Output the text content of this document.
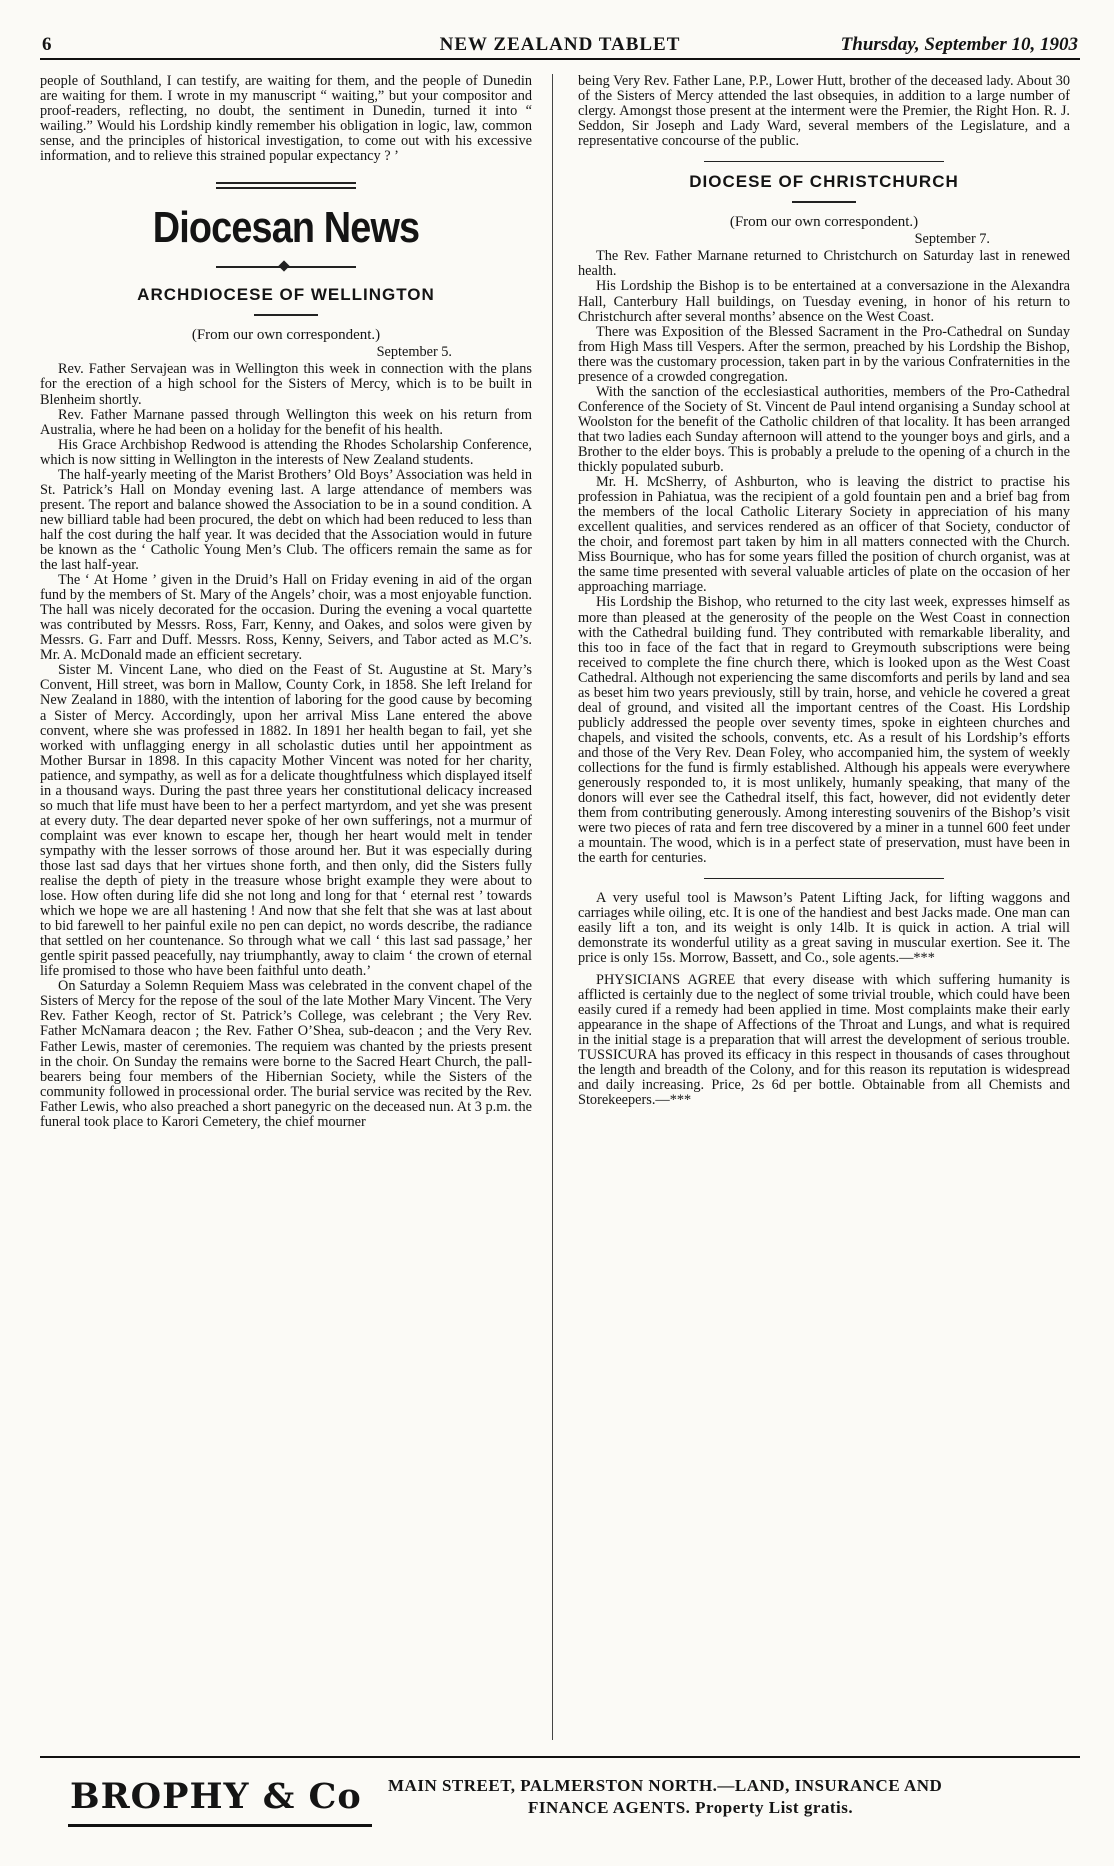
6	NEW ZEALAND TABLET	Thursday, September 10, 1903

people of Southland, I can testify, are waiting for them, and the people of Dunedin are waiting for them. I wrote in my manuscript “ waiting,” but your compositor and proof-readers, reflecting, no doubt, the sentiment in Dunedin, turned it into “ wailing.” Would his Lordship kindly remember his obligation in logic, law, common sense, and the principles of historical investigation, to come out with his excessive information, and to relieve this strained popular expectancy ? ’

Diocesan News
ARCHDIOCESE OF WELLINGTON
(From our own correspondent.)
September 5.

Rev. Father Servajean was in Wellington this week in connection with the plans for the erection of a high school for the Sisters of Mercy, which is to be built in Blenheim shortly.

Rev. Father Marnane passed through Wellington this week on his return from Australia, where he had been on a holiday for the benefit of his health.

His Grace Archbishop Redwood is attending the Rhodes Scholarship Conference, which is now sitting in Wellington in the interests of New Zealand students.

The half-yearly meeting of the Marist Brothers’ Old Boys’ Association was held in St. Patrick’s Hall on Monday evening last. A large attendance of members was present. The report and balance showed the Association to be in a sound condition. A new billiard table had been procured, the debt on which had been reduced to less than half the cost during the half year. It was decided that the Association would in future be known as the ‘ Catholic Young Men’s Club. The officers remain the same as for the last half-year.

The ‘ At Home ’ given in the Druid’s Hall on Friday evening in aid of the organ fund by the members of St. Mary of the Angels’ choir, was a most enjoyable function. The hall was nicely decorated for the occasion. During the evening a vocal quartette was contributed by Messrs. Ross, Farr, Kenny, and Oakes, and solos were given by Messrs. G. Farr and Duff. Messrs. Ross, Kenny, Seivers, and Tabor acted as M.C’s. Mr. A. McDonald made an efficient secretary.

Sister M. Vincent Lane, who died on the Feast of St. Augustine at St. Mary’s Convent, Hill street, was born in Mallow, County Cork, in 1858. She left Ireland for New Zealand in 1880, with the intention of laboring for the good cause by becoming a Sister of Mercy. Accordingly, upon her arrival Miss Lane entered the above convent, where she was professed in 1882. In 1891 her health began to fail, yet she worked with unflagging energy in all scholastic duties until her appointment as Mother Bursar in 1898. In this capacity Mother Vincent was noted for her charity, patience, and sympathy, as well as for a delicate thoughtfulness which displayed itself in a thousand ways. During the past three years her constitutional delicacy increased so much that life must have been to her a perfect martyrdom, and yet she was present at every duty. The dear departed never spoke of her own sufferings, not a murmur of complaint was ever known to escape her, though her heart would melt in tender sympathy with the lesser sorrows of those around her. But it was especially during those last sad days that her virtues shone forth, and then only, did the Sisters fully realise the depth of piety in the treasure whose bright example they were about to lose. How often during life did she not long and long for that ‘ eternal rest ’ towards which we hope we are all hastening ! And now that she felt that she was at last about to bid farewell to her painful exile no pen can depict, no words describe, the radiance that settled on her countenance. So through what we call ‘ this last sad passage,’ her gentle spirit passed peacefully, nay triumphantly, away to claim ‘ the crown of eternal life promised to those who have been faithful unto death.’

On Saturday a Solemn Requiem Mass was celebrated in the convent chapel of the Sisters of Mercy for the repose of the soul of the late Mother Mary Vincent. The Very Rev. Father Keogh, rector of St. Patrick’s College, was celebrant ; the Very Rev. Father McNamara deacon ; the Rev. Father O’Shea, sub-deacon ; and the Very Rev. Father Lewis, master of ceremonies. The requiem was chanted by the priests present in the choir. On Sunday the remains were borne to the Sacred Heart Church, the pall-bearers being four members of the Hibernian Society, while the Sisters of the community followed in processional order. The burial service was recited by the Rev. Father Lewis, who also preached a short panegyric on the deceased nun. At 3 p.m. the funeral took place to Karori Cemetery, the chief mourner

being Very Rev. Father Lane, P.P., Lower Hutt, brother of the deceased lady. About 30 of the Sisters of Mercy attended the last obsequies, in addition to a large number of clergy. Amongst those present at the interment were the Premier, the Right Hon. R. J. Seddon, Sir Joseph and Lady Ward, several members of the Legislature, and a representative concourse of the public.

DIOCESE OF CHRISTCHURCH
(From our own correspondent.)
September 7.

The Rev. Father Marnane returned to Christchurch on Saturday last in renewed health.

His Lordship the Bishop is to be entertained at a conversazione in the Alexandra Hall, Canterbury Hall buildings, on Tuesday evening, in honor of his return to Christchurch after several months’ absence on the West Coast.

There was Exposition of the Blessed Sacrament in the Pro-Cathedral on Sunday from High Mass till Vespers. After the sermon, preached by his Lordship the Bishop, there was the customary procession, taken part in by the various Confraternities in the presence of a crowded congregation.

With the sanction of the ecclesiastical authorities, members of the Pro-Cathedral Conference of the Society of St. Vincent de Paul intend organising a Sunday school at Woolston for the benefit of the Catholic children of that locality. It has been arranged that two ladies each Sunday afternoon will attend to the younger boys and girls, and a Brother to the elder boys. This is probably a prelude to the opening of a church in the thickly populated suburb.

Mr. H. McSherry, of Ashburton, who is leaving the district to practise his profession in Pahiatua, was the recipient of a gold fountain pen and a brief bag from the members of the local Catholic Literary Society in appreciation of his many excellent qualities, and services rendered as an officer of that Society, conductor of the choir, and foremost part taken by him in all matters connected with the Church. Miss Bournique, who has for some years filled the position of church organist, was at the same time presented with several valuable articles of plate on the occasion of her approaching marriage.

His Lordship the Bishop, who returned to the city last week, expresses himself as more than pleased at the generosity of the people on the West Coast in connection with the Cathedral building fund. They contributed with remarkable liberality, and this too in face of the fact that in regard to Greymouth subscriptions were being received to complete the fine church there, which is looked upon as the West Coast Cathedral. Although not experiencing the same discomforts and perils by land and sea as beset him two years previously, still by train, horse, and vehicle he covered a great deal of ground, and visited all the important centres of the Coast. His Lordship publicly addressed the people over seventy times, spoke in eighteen churches and chapels, and visited the schools, convents, etc. As a result of his Lordship’s efforts and those of the Very Rev. Dean Foley, who accompanied him, the system of weekly collections for the fund is firmly established. Although his appeals were everywhere generously responded to, it is most unlikely, humanly speaking, that many of the donors will ever see the Cathedral itself, this fact, however, did not evidently deter them from contributing generously. Among interesting souvenirs of the Bishop’s visit were two pieces of rata and fern tree discovered by a miner in a tunnel 600 feet under a mountain. The wood, which is in a perfect state of preservation, must have been in the earth for centuries.

A very useful tool is Mawson’s Patent Lifting Jack, for lifting waggons and carriages while oiling, etc. It is one of the handiest and best Jacks made. One man can easily lift a ton, and its weight is only 14lb. It is quick in action. A trial will demonstrate its wonderful utility as a great saving in muscular exertion. See it. The price is only 15s. Morrow, Bassett, and Co., sole agents.—***

PHYSICIANS AGREE that every disease with which suffering humanity is afflicted is certainly due to the neglect of some trivial trouble, which could have been easily cured if a remedy had been applied in time. Most complaints make their early appearance in the shape of Affections of the Throat and Lungs, and what is required in the initial stage is a preparation that will arrest the development of serious trouble. TUSSICURA has proved its efficacy in this respect in thousands of cases throughout the length and breadth of the Colony, and for this reason its reputation is widespread and daily increasing. Price, 2s 6d per bottle. Obtainable from all Chemists and Storekeepers.—***

BROPHY & Co MAIN STREET, PALMERSTON NORTH.—LAND, INSURANCE AND
FINANCE AGENTS. Property List gratis.
